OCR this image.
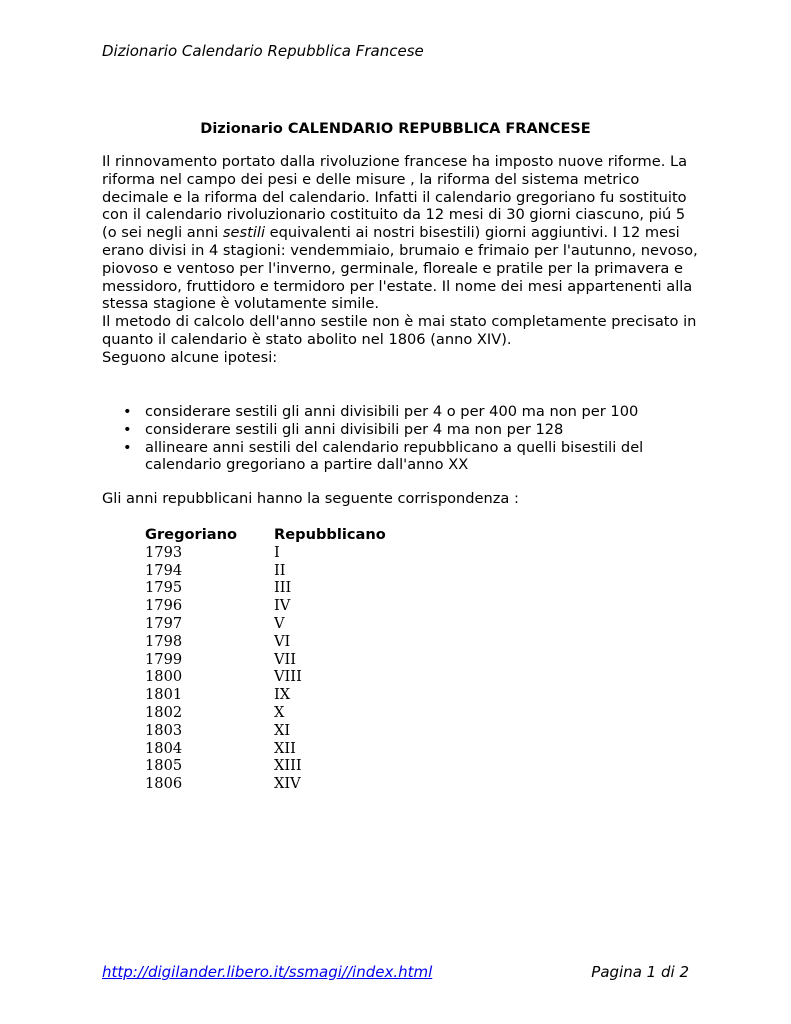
Dizionario Calendario Repubblica Francese
Dizionario CALENDARIO REPUBBLICA FRANCESE

Il rinnovamento portato dalla rivoluzione francese ha imposto nuove riforme. La riforma nel campo dei pesi e delle misure , la riforma del sistema metrico decimale e la riforma del calendario. Infatti il calendario gregoriano fu sostituito con il calendario rivoluzionario costituito da 12 mesi di 30 giorni ciascuno, piú 5 (o sei negli anni sestili equivalenti ai nostri bisestili) giorni aggiuntivi. I 12 mesi erano divisi in 4 stagioni: vendemmiaio, brumaio e frimaio per l'autunno, nevoso, piovoso e ventoso per l'inverno, germinale, floreale e pratile per la primavera e messidoro, fruttidoro e termidoro per l'estate. Il nome dei mesi appartenenti alla stessa stagione è volutamente simile.

Il metodo di calcolo dell'anno sestile non è mai stato completamente precisato in quanto il calendario è stato abolito nel 1806 (anno XIV).

Seguono alcune ipotesi:

• considerare sestili gli anni divisibili per 4 o per 400 ma non per 100
• considerare sestili gli anni divisibili per 4 ma non per 128
• allineare anni sestili del calendario repubblicano a quelli bisestili del calendario gregoriano a partire dall'anno XX
Gli anni repubblicani hanno la seguente corrispondenza :
Gregoriano	Repubblicano
1793	I
1794	II
1795	III
1796	IV
1797	V
1798	VI
1799	VII
1800	VIII
1801	IX
1802	X
1803	XI
1804	XII
1805	XIII
1806	XIV
http://digilander.libero.it/ssmagi//index.html	Pagina 1 di 2
